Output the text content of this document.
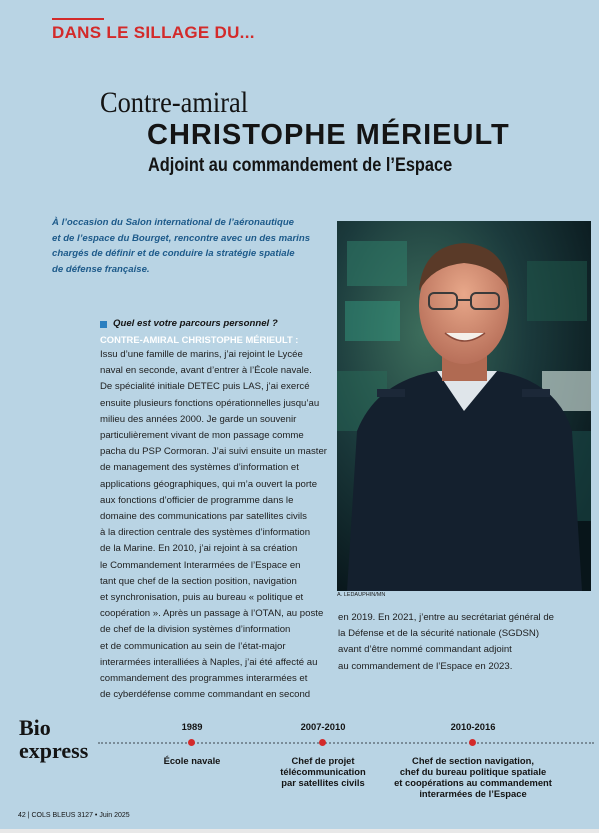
DANS LE SILLAGE DU...
Contre-amiral
CHRISTOPHE MÉRIEULT
Adjoint au commandement de l’Espace
À l’occasion du Salon international de l’aéronautique
et de l’espace du Bourget, rencontre avec un des marins
chargés de définir et de conduire la stratégie spatiale
de défense française.
Quel est votre parcours personnel ?
CONTRE-AMIRAL CHRISTOPHE MÉRIEULT :
Issu d’une famille de marins, j’ai rejoint le Lycée
naval en seconde, avant d’entrer à l’École navale.
De spécialité initiale DETEC puis LAS, j’ai exercé
ensuite plusieurs fonctions opérationnelles jusqu’au
milieu des années 2000. Je garde un souvenir
particulièrement vivant de mon passage comme
pacha du PSP Cormoran. J’ai suivi ensuite un master
de management des systèmes d’information et
applications géographiques, qui m’a ouvert la porte
aux fonctions d’officier de programme dans le
domaine des communications par satellites civils
à la direction centrale des systèmes d’information
de la Marine. En 2010, j’ai rejoint à sa création
le Commandement Interarmées de l’Espace en
tant que chef de la section position, navigation
et synchronisation, puis au bureau « politique et
coopération ». Après un passage à l’OTAN, au poste
de chef de la division systèmes d’information
et de communication au sein de l’état-major
interarmées interalliées à Naples, j’ai été affecté au
commandement des programmes interarmées et
de cyberdéfense comme commandant en second
A. LEDAUPHIN/MN
en 2019. En 2021, j’entre au secrétariat général de
la Défense et de la sécurité nationale (SGDSN)
avant d’être nommé commandant adjoint
au commandement de l’Espace en 2023.
Bio
express
1989
École navale
2007-2010
Chef de projet
télécommunication
par satellites civils
2010-2016
Chef de section navigation,
chef du bureau politique spatiale
et coopérations au commandement
interarmées de l’Espace
42 | COLS BLEUS 3127 • Juin 2025
